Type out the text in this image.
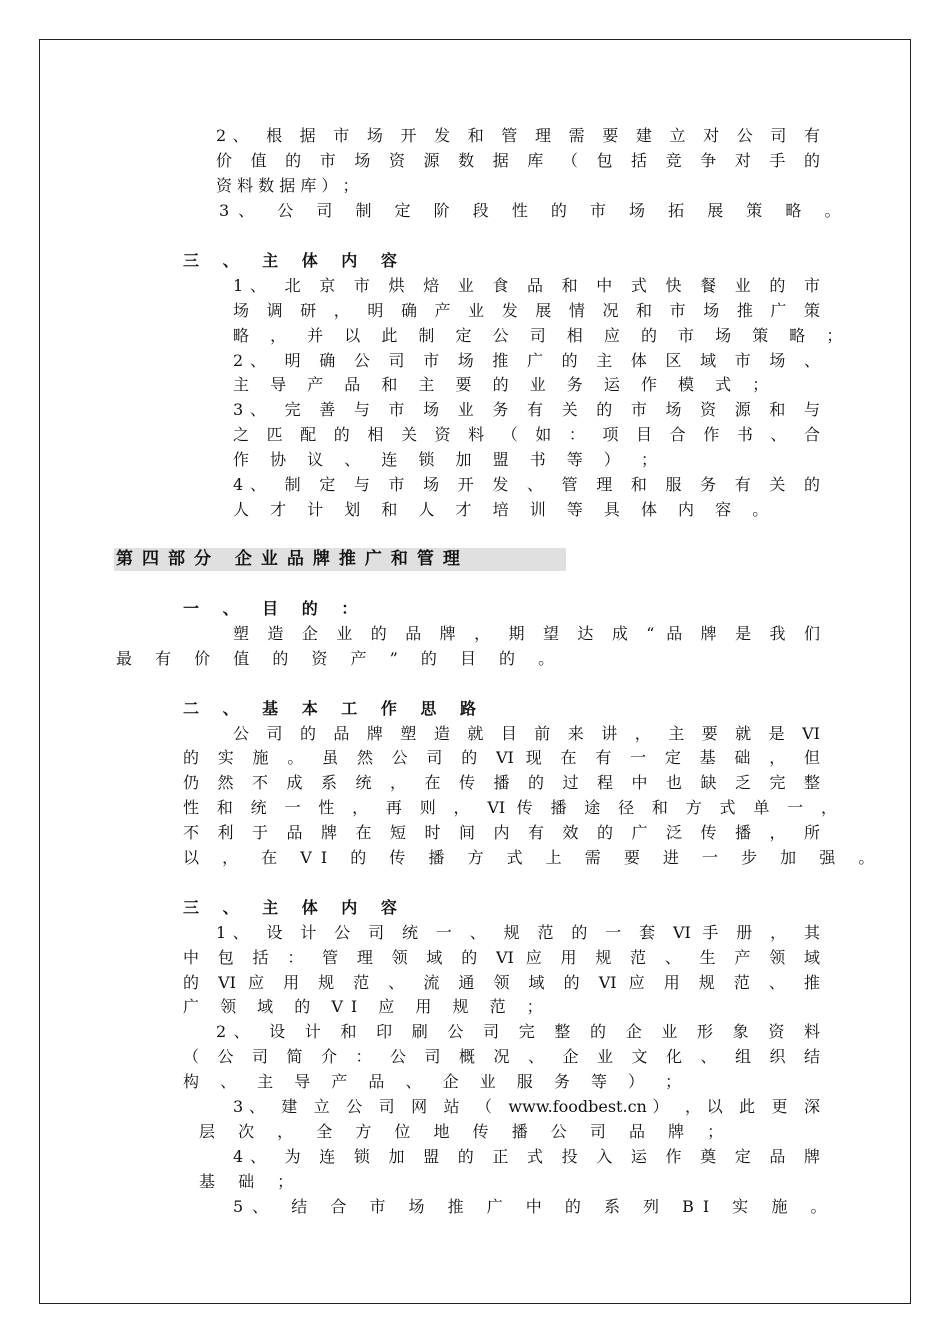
2、 根 据 市 场 开 发 和 管 理 需 要 建 立 对 公 司 有
价 值 的 市 场 资 源 数 据 库 （ 包 括 竞 争 对 手 的
资 料 数 据 库 ） ；
3、 公 司 制 定 阶 段 性 的 市 场 拓 展 策 略 。
三 、 主 体 内 容
1、 北 京 市 烘 焙 业 食 品 和 中 式 快 餐 业 的 市
场 调 研 ， 明 确 产 业 发 展 情 况 和 市 场 推 广 策
略 ， 并 以 此 制 定 公 司 相 应 的 市 场 策 略 ；
2、 明 确 公 司 市 场 推 广 的 主 体 区 域 市 场 、
主 导 产 品 和 主 要 的 业 务 运 作 模 式 ；
3、 完 善 与 市 场 业 务 有 关 的 市 场 资 源 和 与
之 匹 配 的 相 关 资 料 （ 如 ： 项 目 合 作 书 、 合
作 协 议 、 连 锁 加 盟 书 等 ） ；
4、 制 定 与 市 场 开 发 、 管 理 和 服 务 有 关 的
人 才 计 划 和 人 才 培 训 等 具 体 内 容 。
第四部分 企业品牌推广和管理
一 、 目 的 ：
塑 造 企 业 的 品 牌 ， 期 望 达 成 “ 品 牌 是 我 们
最 有 价 值 的 资 产 ” 的 目 的 。
二 、 基 本 工 作 思 路
公 司 的 品 牌 塑 造 就 目 前 来 讲 ， 主 要 就 是 VI
的 实 施 。 虽 然 公 司 的 VI 现 在 有 一 定 基 础 ， 但
仍 然 不 成 系 统 ， 在 传 播 的 过 程 中 也 缺 乏 完 整
性 和 统 一 性 ， 再 则 ， VI 传 播 途 径 和 方 式 单 一 ，
不 利 于 品 牌 在 短 时 间 内 有 效 的 广 泛 传 播 ， 所
以 ， 在 VI 的 传 播 方 式 上 需 要 进 一 步 加 强 。
三 、 主 体 内 容
1、 设 计 公 司 统 一 、 规 范 的 一 套 VI 手 册 ， 其
中 包 括 ： 管 理 领 域 的 VI 应 用 规 范 、 生 产 领 域
的 VI 应 用 规 范 、 流 通 领 域 的 VI 应 用 规 范 、 推
广 领 域 的 VI 应 用 规 范 ；
2、 设 计 和 印 刷 公 司 完 整 的 企 业 形 象 资 料
（ 公 司 简 介 ： 公 司 概 况 、 企 业 文 化 、 组 织 结
构 、 主 导 产 品 、 企 业 服 务 等 ） ；
3、 建 立 公 司 网 站 （ www.foodbest.cn） ，以 此 更 深
层 次 ， 全 方 位 地 传 播 公 司 品 牌 ；
4、 为 连 锁 加 盟 的 正 式 投 入 运 作 奠 定 品 牌
基 础 ；
5、 结 合 市 场 推 广 中 的 系 列 BI 实 施 。
